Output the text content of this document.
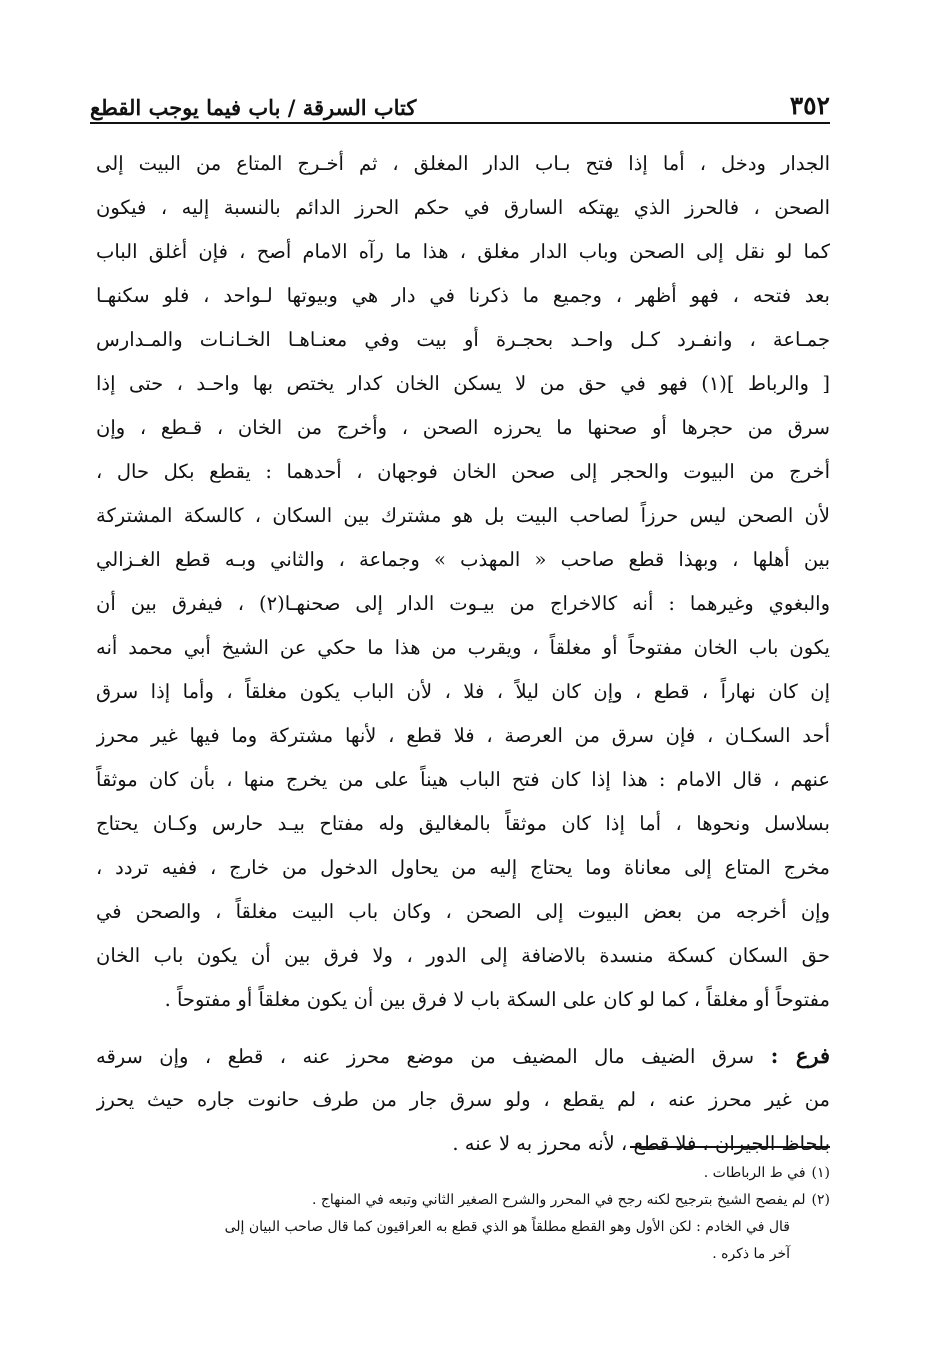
٣٥٢
كتاب السرقة / باب فيما يوجب القطع
الجدار ودخل ، أما إذا فتح بـاب الدار المغلق ، ثم أخـرج المتاع من البيت إلى
الصحن ، فالحرز الذي يهتكه السارق في حكم الحرز الدائم بالنسبة إليه ، فيكون
كما لو نقل إلى الصحن وباب الدار مغلق ، هذا ما رآه الامام أصح ، فإن أغلق الباب
بعد فتحه ، فهو أظهر ، وجميع ما ذكرنا في دار هي وبيوتها لـواحد ، فلو سكنهـا
جمـاعة ، وانفـرد كـل واحـد بحجـرة أو بيت وفي معنـاهـا الخـانـات والمـدارس
[ والرباط ](١) فهو في حق من لا يسكن الخان كدار يختص بها واحـد ، حتى إذا
سرق من حجرها أو صحنها ما يحرزه الصحن ، وأخرج من الخان ، قـطع ، وإن
أخرج من البيوت والحجر إلى صحن الخان فوجهان ، أحدهما : يقطع بكل حال ،
لأن الصحن ليس حرزاً لصاحب البيت بل هو مشترك بين السكان ، كالسكة المشتركة
بين أهلها ، وبهذا قطع صاحب « المهذب » وجماعة ، والثاني وبـه قطع الغـزالي
والبغوي وغيرهما : أنه كالاخراج من بيـوت الدار إلى صحنهـا(٢) ، فيفرق بين أن
يكون باب الخان مفتوحاً أو مغلقاً ، ويقرب من هذا ما حكي عن الشيخ أبي محمد أنه
إن كان نهاراً ، قطع ، وإن كان ليلاً ، فلا ، لأن الباب يكون مغلقاً ، وأما إذا سرق
أحد السكـان ، فإن سرق من العرصة ، فلا قطع ، لأنها مشتركة وما فيها غير محرز
عنهم ، قال الامام : هذا إذا كان فتح الباب هيناً على من يخرج منها ، بأن كان موثقاً
بسلاسل ونحوها ، أما إذا كان موثقاً بالمغاليق وله مفتاح بيـد حارس وكـان يحتاج
مخرج المتاع إلى معاناة وما يحتاج إليه من يحاول الدخول من خارج ، ففيه تردد ،
وإن أخرجه من بعض البيوت إلى الصحن ، وكان باب البيت مغلقاً ، والصحن في
حق السكان كسكة منسدة بالاضافة إلى الدور ، ولا فرق بين أن يكون باب الخان
مفتوحاً أو مغلقاً ، كما لو كان على السكة باب لا فرق بين أن يكون مغلقاً أو مفتوحاً .
فرع : سرق الضيف مال المضيف من موضع محرز عنه ، قطع ، وإن سرقه
من غير محرز عنه ، لم يقطع ، ولو سرق جار من طرف حانوت جاره حيث يحرز
بلحاظ الجيران ، فلا قطع ، لأنه محرز به لا عنه .
(١)في ط الرباطات .
(٢)لم يفصح الشيخ بترجيح لكنه رجح في المحرر والشرح الصغير الثاني وتبعه في المنهاج .
قال في الخادم : لكن الأول وهو القطع مطلقاً هو الذي قطع به العراقيون كما قال صاحب البيان إلى
آخر ما ذكره .
